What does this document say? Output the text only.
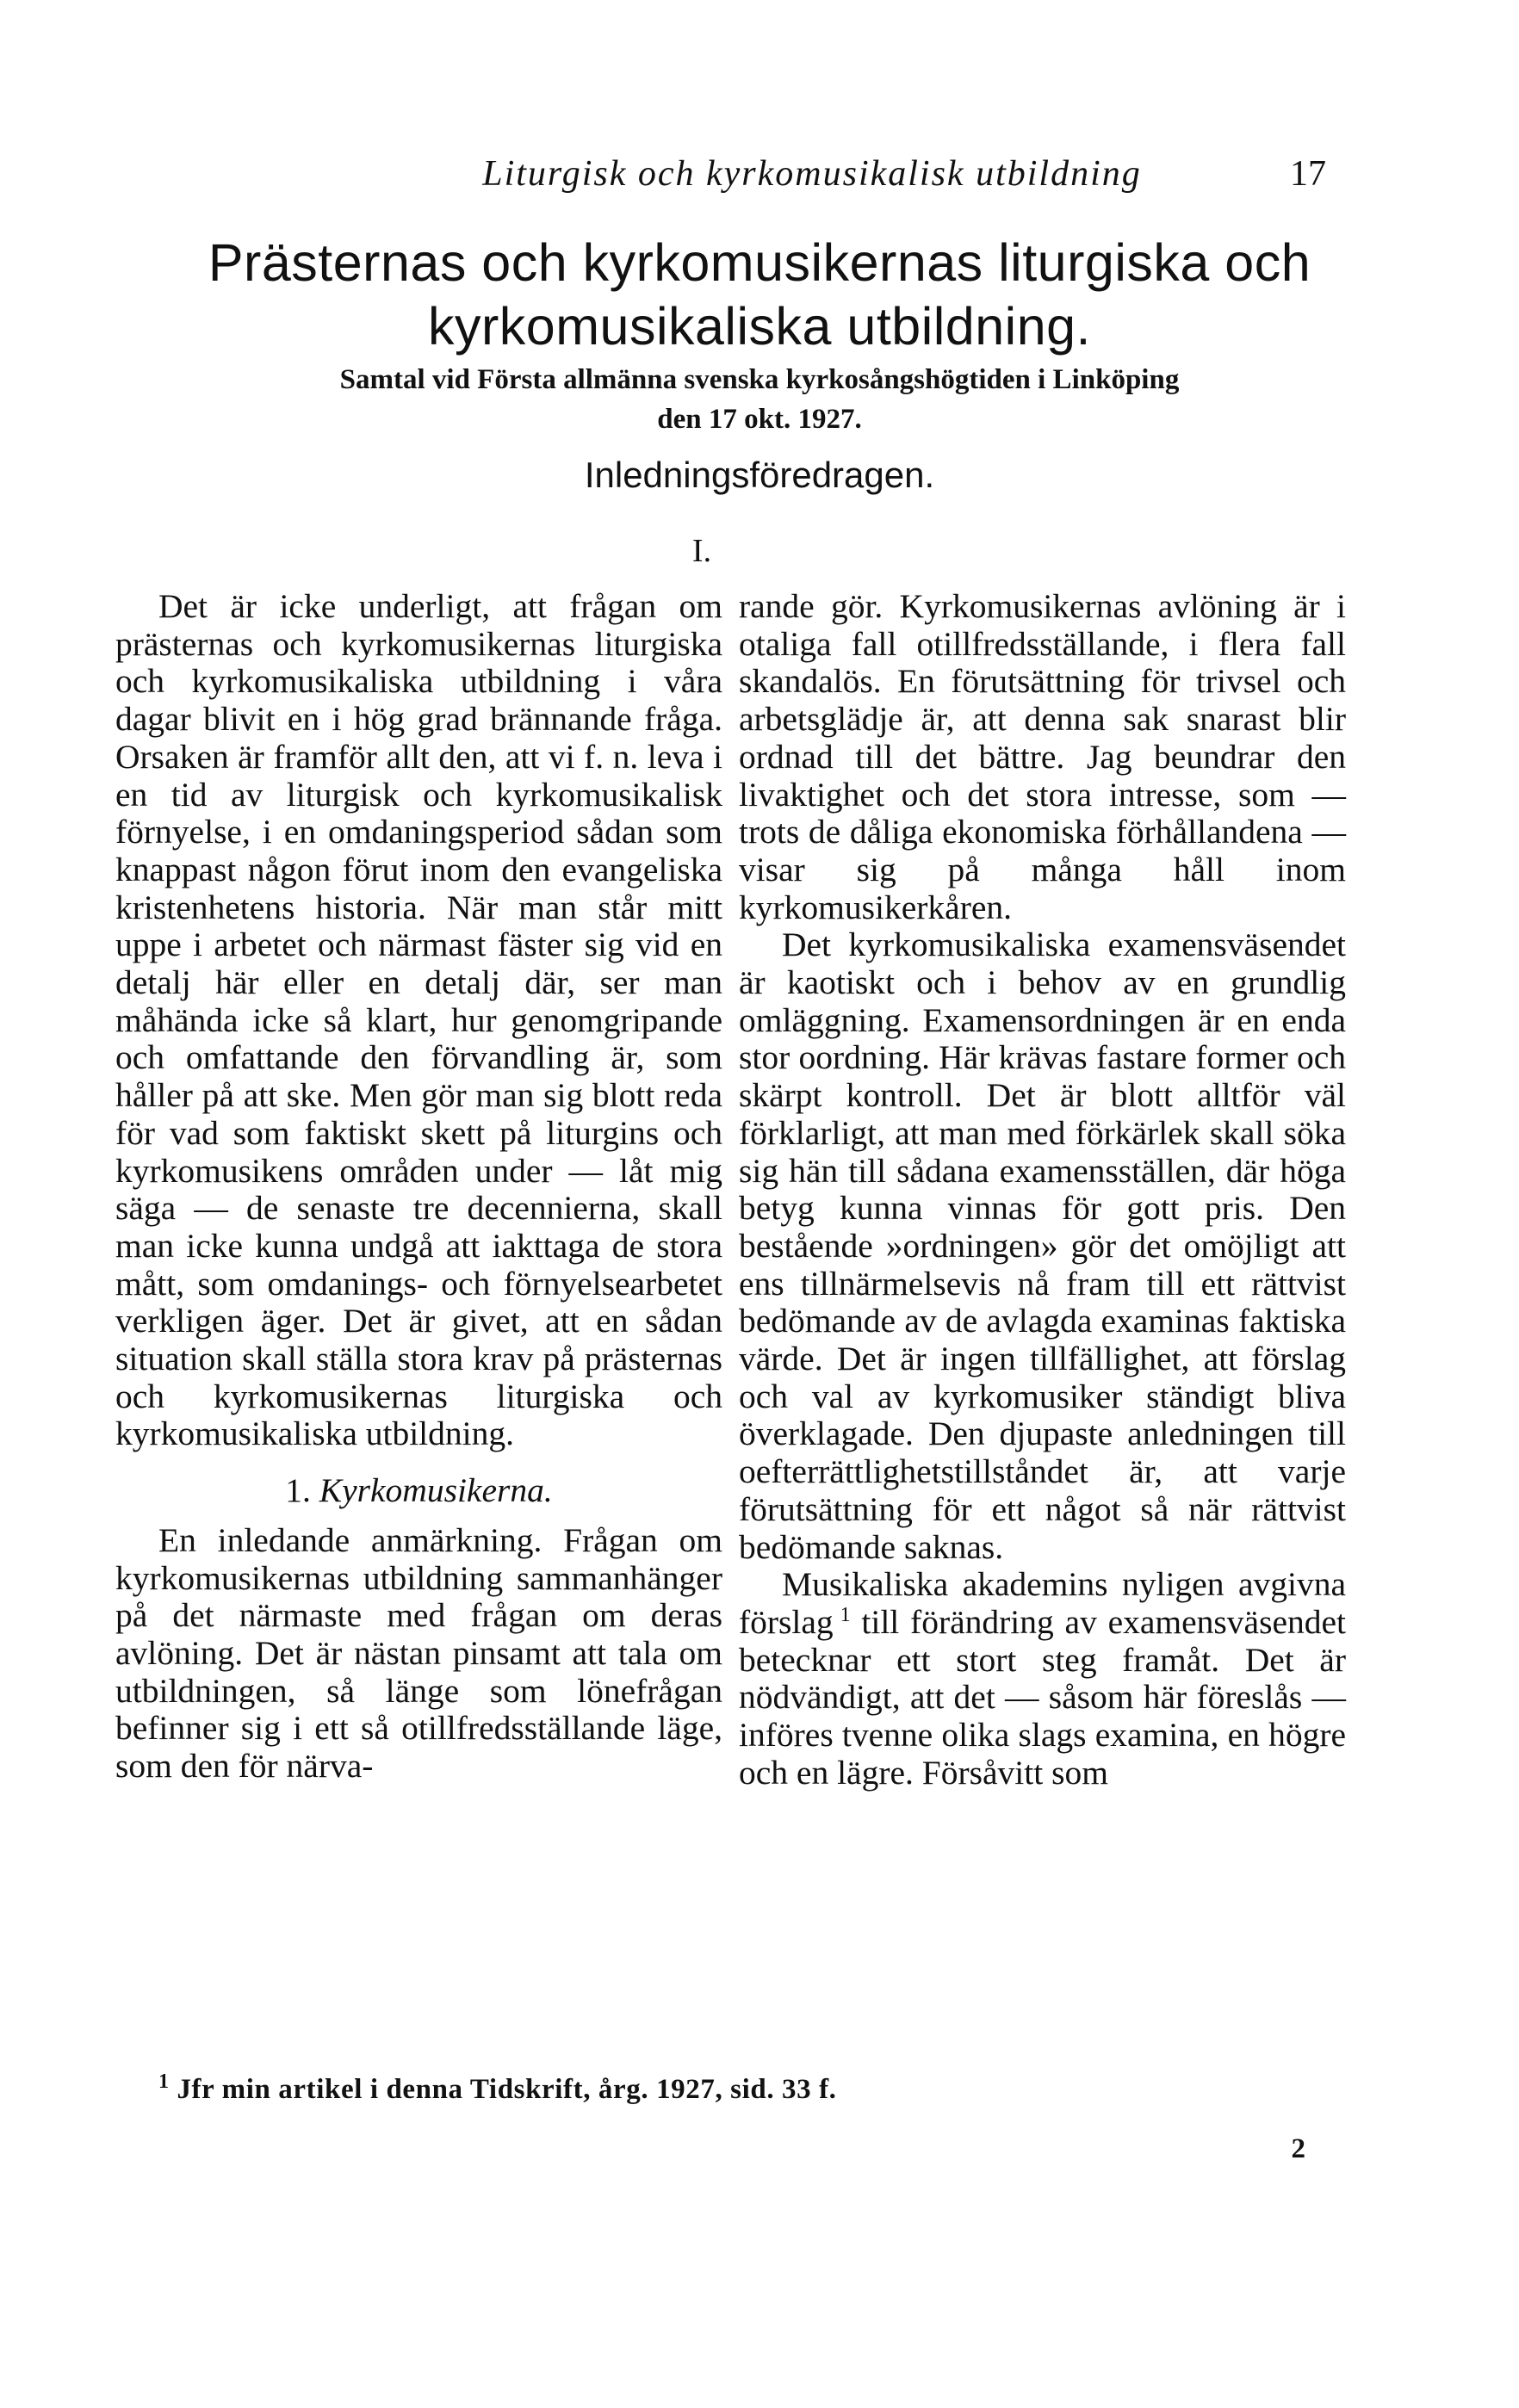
Liturgisk och kyrkomusikalisk utbildning	17
Prästernas och kyrkomusikernas liturgiska och
kyrkomusikaliska utbildning.
Samtal vid Första allmänna svenska kyrkosångshögtiden i Linköping
den 17 okt. 1927.
Inledningsföredragen.
I.

Det är icke underligt, att frågan om prästernas och kyrkomusikernas liturgiska och kyrkomusikaliska utbildning i våra dagar blivit en i hög grad brännande fråga. Orsaken är framför allt den, att vi f. n. leva i en tid av liturgisk och kyrkomusikalisk förnyelse, i en omdaningsperiod sådan som knappast någon förut inom den evangeliska kristenhetens historia. När man står mitt uppe i arbetet och närmast fäster sig vid en detalj här eller en detalj där, ser man måhända icke så klart, hur genomgripande och omfattande den förvandling är, som håller på att ske. Men gör man sig blott reda för vad som faktiskt skett på liturgins och kyrkomusikens områden under — låt mig säga — de senaste tre decennierna, skall man icke kunna undgå att iakttaga de stora mått, som omdanings- och förnyelsearbetet verkligen äger. Det är givet, att en sådan situation skall ställa stora krav på prästernas och kyrkomusikernas liturgiska och kyrkomusikaliska utbildning.

1. Kyrkomusikerna.

En inledande anmärkning. Frågan om kyrkomusikernas utbildning sammanhänger på det närmaste med frågan om deras avlöning. Det är nästan pinsamt att tala om utbildningen, så länge som lönefrågan befinner sig i ett så otillfredsställande läge, som den för närva-

rande gör. Kyrkomusikernas avlöning är i otaliga fall otillfredsställande, i flera fall skandalös. En förutsättning för trivsel och arbetsglädje är, att denna sak snarast blir ordnad till det bättre. Jag beundrar den livaktighet och det stora intresse, som — trots de dåliga ekonomiska förhållandena — visar sig på många håll inom kyrkomusikerkåren.

Det kyrkomusikaliska examensväsendet är kaotiskt och i behov av en grundlig omläggning. Examensordningen är en enda stor oordning. Här krävas fastare former och skärpt kontroll. Det är blott alltför väl förklarligt, att man med förkärlek skall söka sig hän till sådana examensställen, där höga betyg kunna vinnas för gott pris. Den bestående »ordningen» gör det omöjligt att ens tillnärmelsevis nå fram till ett rättvist bedömande av de avlagda examinas faktiska värde. Det är ingen tillfällighet, att förslag och val av kyrkomusiker ständigt bliva överklagade. Den djupaste anledningen till oefterrättlighetstillståndet är, att varje förutsättning för ett något så när rättvist bedömande saknas.

Musikaliska akademins nyligen avgivna förslag  $^1$ till förändring av examensväsendet betecknar ett stort steg framåt. Det är nödvändigt, att det — såsom här föreslås — införes tvenne olika slags examina, en högre och en lägre. Försåvitt som

$^1$ Jfr min artikel i denna Tidskrift, årg. 1927, sid. 33 f.
2
